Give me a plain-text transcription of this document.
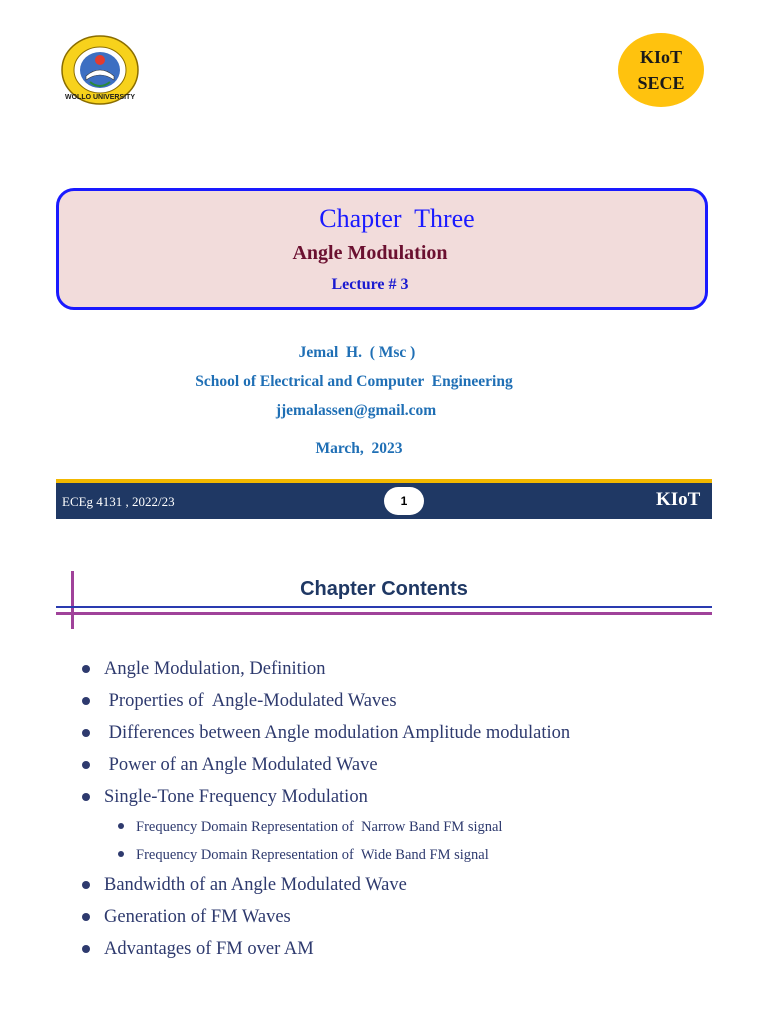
WOLLO UNIVERSITY
KIoT
SECE
Chapter  Three
Angle Modulation
Lecture # 3
Jemal  H.  ( Msc )
School of Electrical and Computer  Engineering
jjemalassen@gmail.com
March,  2023
ECEg 4131 , 2022/23	1	KIoT
Chapter Contents
Angle Modulation, Definition
Properties of  Angle-Modulated Waves
Differences between Angle modulation Amplitude modulation
Power of an Angle Modulated Wave
Single-Tone Frequency Modulation
Frequency Domain Representation of  Narrow Band FM signal
Frequency Domain Representation of  Wide Band FM signal
Bandwidth of an Angle Modulated Wave
Generation of FM Waves
Advantages of FM over AM
